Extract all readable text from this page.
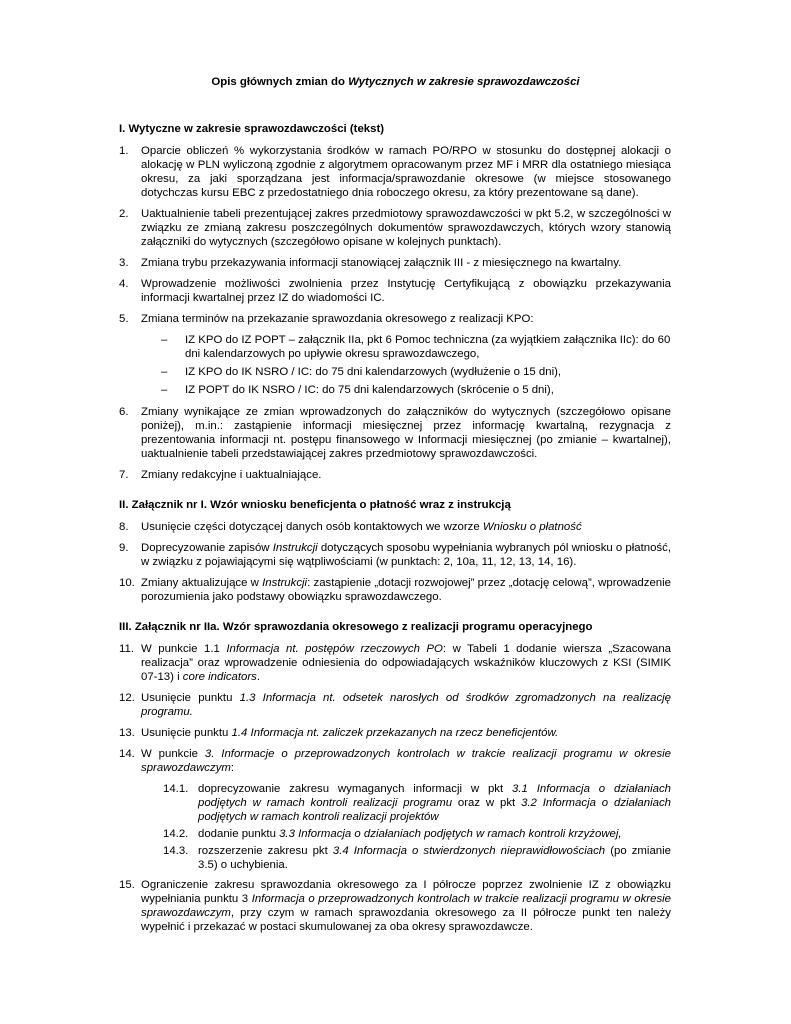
Opis głównych zmian do Wytycznych w zakresie sprawozdawczości
I. Wytyczne w zakresie sprawozdawczości (tekst)
1. Oparcie obliczeń % wykorzystania środków w ramach PO/RPO w stosunku do dostępnej alokacji o alokację w PLN wyliczoną zgodnie z algorytmem opracowanym przez MF i MRR dla ostatniego miesiąca okresu, za jaki sporządzana jest informacja/sprawozdanie okresowe (w miejsce stosowanego dotychczas kursu EBC z przedostatniego dnia roboczego okresu, za który prezentowane są dane).
2. Uaktualnienie tabeli prezentującej zakres przedmiotowy sprawozdawczości w pkt 5.2, w szczególności w związku ze zmianą zakresu poszczególnych dokumentów sprawozdawczych, których wzory stanowią załączniki do wytycznych (szczegółowo opisane w kolejnych punktach).
3. Zmiana trybu przekazywania informacji stanowiącej załącznik III - z miesięcznego na kwartalny.
4. Wprowadzenie możliwości zwolnienia przez Instytucję Certyfikującą z obowiązku przekazywania informacji kwartalnej przez IZ do wiadomości IC.
5. Zmiana terminów na przekazanie sprawozdania okresowego z realizacji KPO:
– IZ KPO do IZ POPT – załącznik IIa, pkt 6 Pomoc techniczna (za wyjątkiem załącznika IIc): do 60 dni kalendarzowych po upływie okresu sprawozdawczego,
– IZ KPO do IK NSRO / IC: do 75 dni kalendarzowych (wydłużenie o 15 dni),
– IZ POPT do IK NSRO / IC: do 75 dni kalendarzowych (skrócenie o 5 dni),
6. Zmiany wynikające ze zmian wprowadzonych do załączników do wytycznych (szczegółowo opisane poniżej), m.in.: zastąpienie informacji miesięcznej przez informację kwartalną, rezygnacja z prezentowania informacji nt. postępu finansowego w Informacji miesięcznej (po zmianie – kwartalnej), uaktualnienie tabeli przedstawiającej zakres przedmiotowy sprawozdawczości.
7. Zmiany redakcyjne i uaktualniające.
II. Załącznik nr I. Wzór wniosku beneficjenta o płatność wraz z instrukcją
8. Usunięcie części dotyczącej danych osób kontaktowych we wzorze Wniosku o płatność
9. Doprecyzowanie zapisów Instrukcji dotyczących sposobu wypełniania wybranych pól wniosku o płatność, w związku z pojawiającymi się wątpliwościami (w punktach: 2, 10a, 11, 12, 13, 14, 16).
10. Zmiany aktualizujące w Instrukcji: zastąpienie „dotacji rozwojowej” przez „dotację celową”, wprowadzenie porozumienia jako podstawy obowiązku sprawozdawczego.
III. Załącznik nr IIa. Wzór sprawozdania okresowego z realizacji programu operacyjnego
11. W punkcie 1.1 Informacja nt. postępów rzeczowych PO: w Tabeli 1 dodanie wiersza „Szacowana realizacja” oraz wprowadzenie odniesienia do odpowiadających wskaźników kluczowych z KSI (SIMIK 07-13) i core indicators.
12. Usunięcie punktu 1.3 Informacja nt. odsetek narosłych od środków zgromadzonych na realizację programu.
13. Usunięcie punktu 1.4 Informacja nt. zaliczek przekazanych na rzecz beneficjentów.
14. W punkcie 3. Informacje o przeprowadzonych kontrolach w trakcie realizacji programu w okresie sprawozdawczym:
14.1. doprecyzowanie zakresu wymaganych informacji w pkt 3.1 Informacja o działaniach podjętych w ramach kontroli realizacji programu oraz w pkt 3.2 Informacja o działaniach podjętych w ramach kontroli realizacji projektów
14.2. dodanie punktu 3.3 Informacja o działaniach podjętych w ramach kontroli krzyżowej,
14.3. rozszerzenie zakresu pkt 3.4 Informacja o stwierdzonych nieprawidłowościach (po zmianie 3.5) o uchybienia.
15. Ograniczenie zakresu sprawozdania okresowego za I półrocze poprzez zwolnienie IZ z obowiązku wypełniania punktu 3 Informacja o przeprowadzonych kontrolach w trakcie realizacji programu w okresie sprawozdawczym, przy czym w ramach sprawozdania okresowego za II półrocze punkt ten należy wypełnić i przekazać w postaci skumulowanej za oba okresy sprawozdawcze.
